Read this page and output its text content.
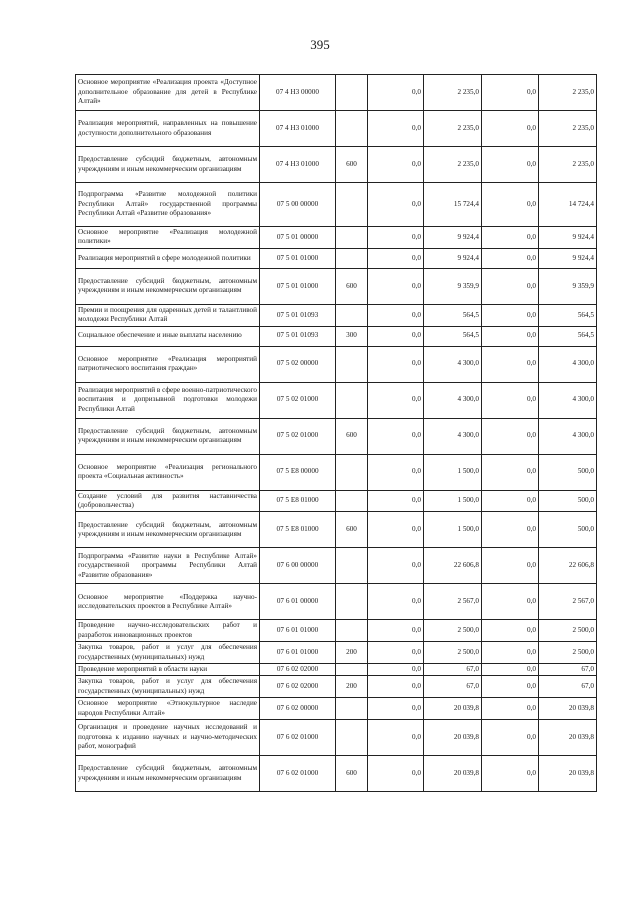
395
Основное мероприятие «Реализация проекта «Доступное дополнительное образование для детей в Республике Алтай»	07 4 Н3 00000		0,0	2 235,0	0,0	2 235,0
Реализация мероприятий, направленных на повышение доступности дополнительного образования	07 4 Н3 01000		0,0	2 235,0	0,0	2 235,0
Предоставление субсидий бюджетным, автономным учреждениям и иным некоммерческим организациям	07 4 Н3 01000	600	0,0	2 235,0	0,0	2 235,0
Подпрограмма «Развитие молодежной политики Республики Алтай» государственной программы Республики Алтай «Развитие образования»	07 5 00 00000		0,0	15 724,4	0,0	14 724,4
Основное мероприятие «Реализация молодежной политики»	07 5 01 00000		0,0	9 924,4	0,0	9 924,4
Реализация мероприятий в сфере молодежной политики	07 5 01 01000		0,0	9 924,4	0,0	9 924,4
Предоставление субсидий бюджетным, автономным учреждениям и иным некоммерческим организациям	07 5 01 01000	600	0,0	9 359,9	0,0	9 359,9
Премии и поощрения для одаренных детей и талантливой молодежи Республики Алтай	07 5 01 01093		0,0	564,5	0,0	564,5
Социальное обеспечение и иные выплаты населению	07 5 01 01093	300	0,0	564,5	0,0	564,5
Основное мероприятие «Реализация мероприятий патриотического воспитания граждан»	07 5 02 00000		0,0	4 300,0	0,0	4 300,0
Реализация мероприятий в сфере военно-патриотического воспитания и допризывной подготовки молодежи Республики Алтай	07 5 02 01000		0,0	4 300,0	0,0	4 300,0
Предоставление субсидий бюджетным, автономным учреждениям и иным некоммерческим организациям	07 5 02 01000	600	0,0	4 300,0	0,0	4 300,0
Основное мероприятие «Реализация регионального проекта «Социальная активность»	07 5 Е8 00000		0,0	1 500,0	0,0	500,0
Создание условий для развития наставничества (добровольчества)	07 5 Е8 01000		0,0	1 500,0	0,0	500,0
Предоставление субсидий бюджетным, автономным учреждениям и иным некоммерческим организациям	07 5 Е8 01000	600	0,0	1 500,0	0,0	500,0
Подпрограмма «Развитие науки в Республике Алтай» государственной программы Республики Алтай «Развитие образования»	07 6 00 00000		0,0	22 606,8	0,0	22 606,8
Основное мероприятие «Поддержка научно-исследовательских проектов в Республике Алтай»	07 6 01 00000		0,0	2 567,0	0,0	2 567,0
Проведение научно-исследовательских работ и разработок инновационных проектов	07 6 01 01000		0,0	2 500,0	0,0	2 500,0
Закупка товаров, работ и услуг для обеспечения государственных (муниципальных) нужд	07 6 01 01000	200	0,0	2 500,0	0,0	2 500,0
Проведение мероприятий в области науки	07 6 02 02000		0,0	67,0	0,0	67,0
Закупка товаров, работ и услуг для обеспечения государственных (муниципальных) нужд	07 6 02 02000	200	0,0	67,0	0,0	67,0
Основное мероприятие «Этнокультурное наследие народов Республики Алтай»	07 6 02 00000		0,0	20 039,8	0,0	20 039,8
Организация и проведение научных исследований и подготовка к изданию научных и научно-методических работ, монографий	07 6 02 01000		0,0	20 039,8	0,0	20 039,8
Предоставление субсидий бюджетным, автономным учреждениям и иным некоммерческим организациям	07 6 02 01000	600	0,0	20 039,8	0,0	20 039,8
